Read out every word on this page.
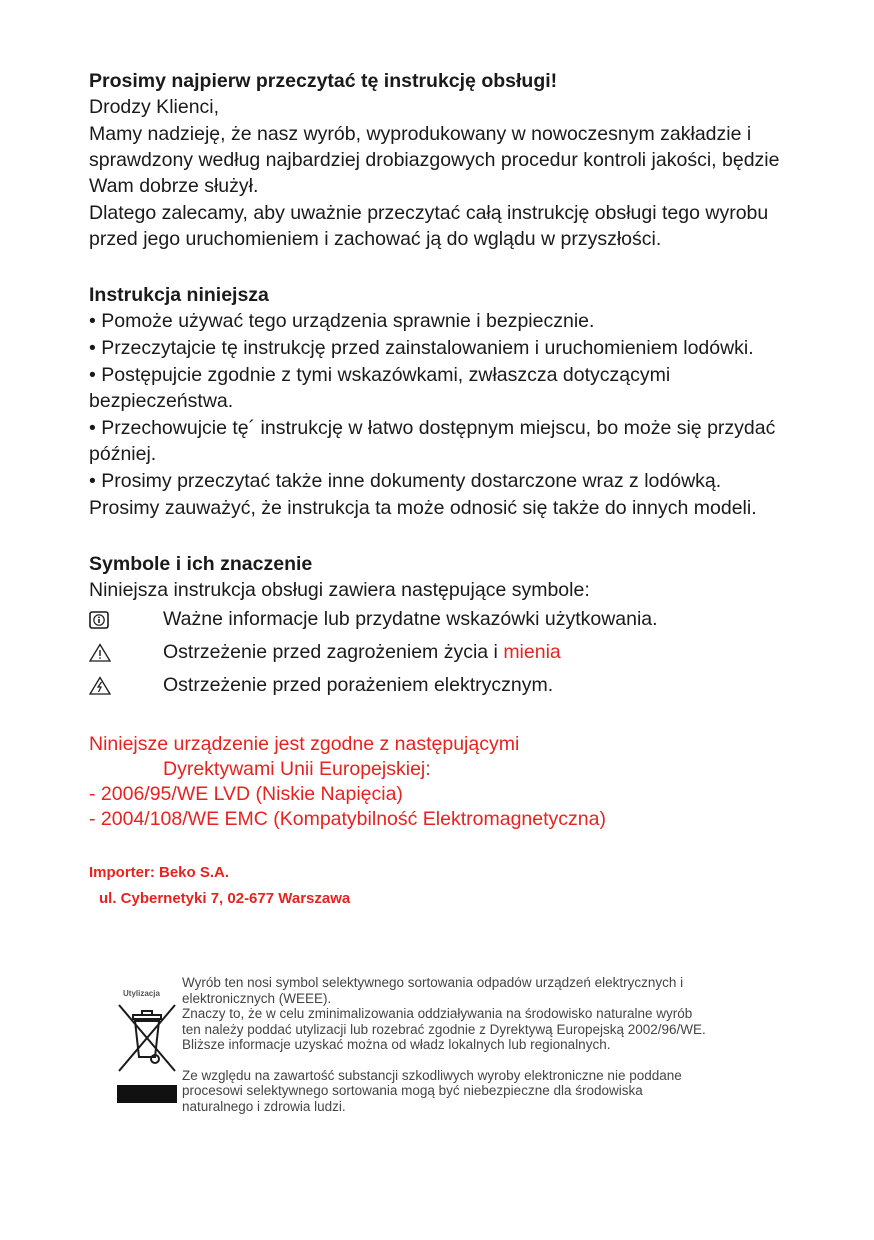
Prosimy najpierw przeczytać tę instrukcję obsługi!

Drodzy Klienci,

Mamy nadzieję, że nasz wyrób, wyprodukowany w nowoczesnym zakładzie i

sprawdzony według najbardziej drobiazgowych procedur kontroli jakości, będzie

Wam dobrze służył.

Dlatego zalecamy, aby uważnie przeczytać całą instrukcję obsługi tego wyrobu

przed jego uruchomieniem i zachować ją do wglądu w przyszłości.

Instrukcja niniejsza

• Pomoże używać tego urządzenia sprawnie i bezpiecznie.

• Przeczytajcie tę instrukcję przed zainstalowaniem i uruchomieniem lodówki.

• Postępujcie zgodnie z tymi wskazówkami, zwłaszcza dotyczącymi

bezpieczeństwa.

• Przechowujcie tę´ instrukcję w łatwo dostępnym miejscu, bo może się przydać

później.

• Prosimy przeczytać także inne dokumenty dostarczone wraz z lodówką.

Prosimy zauważyć, że instrukcja ta może odnosić się także do innych modeli.

Symbole i ich znaczenie

Niniejsza instrukcja obsługi zawiera następujące symbole:

Ważne informacje lub przydatne wskazówki użytkowania.
Ostrzeżenie przed zagrożeniem życia i mienia
Ostrzeżenie przed porażeniem elektrycznym.

Niniejsze urządzenie jest zgodne z następującymi

Dyrektywami Unii Europejskiej:

- 2006/95/WE LVD (Niskie Napięcia)

- 2004/108/WE EMC (Kompatybilność Elektromagnetyczna)

Importer: Beko S.A.

ul. Cybernetyki 7, 02-677 Warszawa

Utylizacja

Wyrób ten nosi symbol selektywnego sortowania odpadów urządzeń elektrycznych i

elektronicznych (WEEE).

Znaczy to, że w celu zminimalizowania oddziaływania na środowisko naturalne wyrób

ten należy poddać utylizacji lub rozebrać zgodnie z Dyrektywą Europejską 2002/96/WE.

Bliższe informacje uzyskać można od władz lokalnych lub regionalnych.

Ze względu na zawartość substancji szkodliwych wyroby elektroniczne nie poddane

procesowi selektywnego sortowania mogą być niebezpieczne dla środowiska

naturalnego i zdrowia ludzi.
